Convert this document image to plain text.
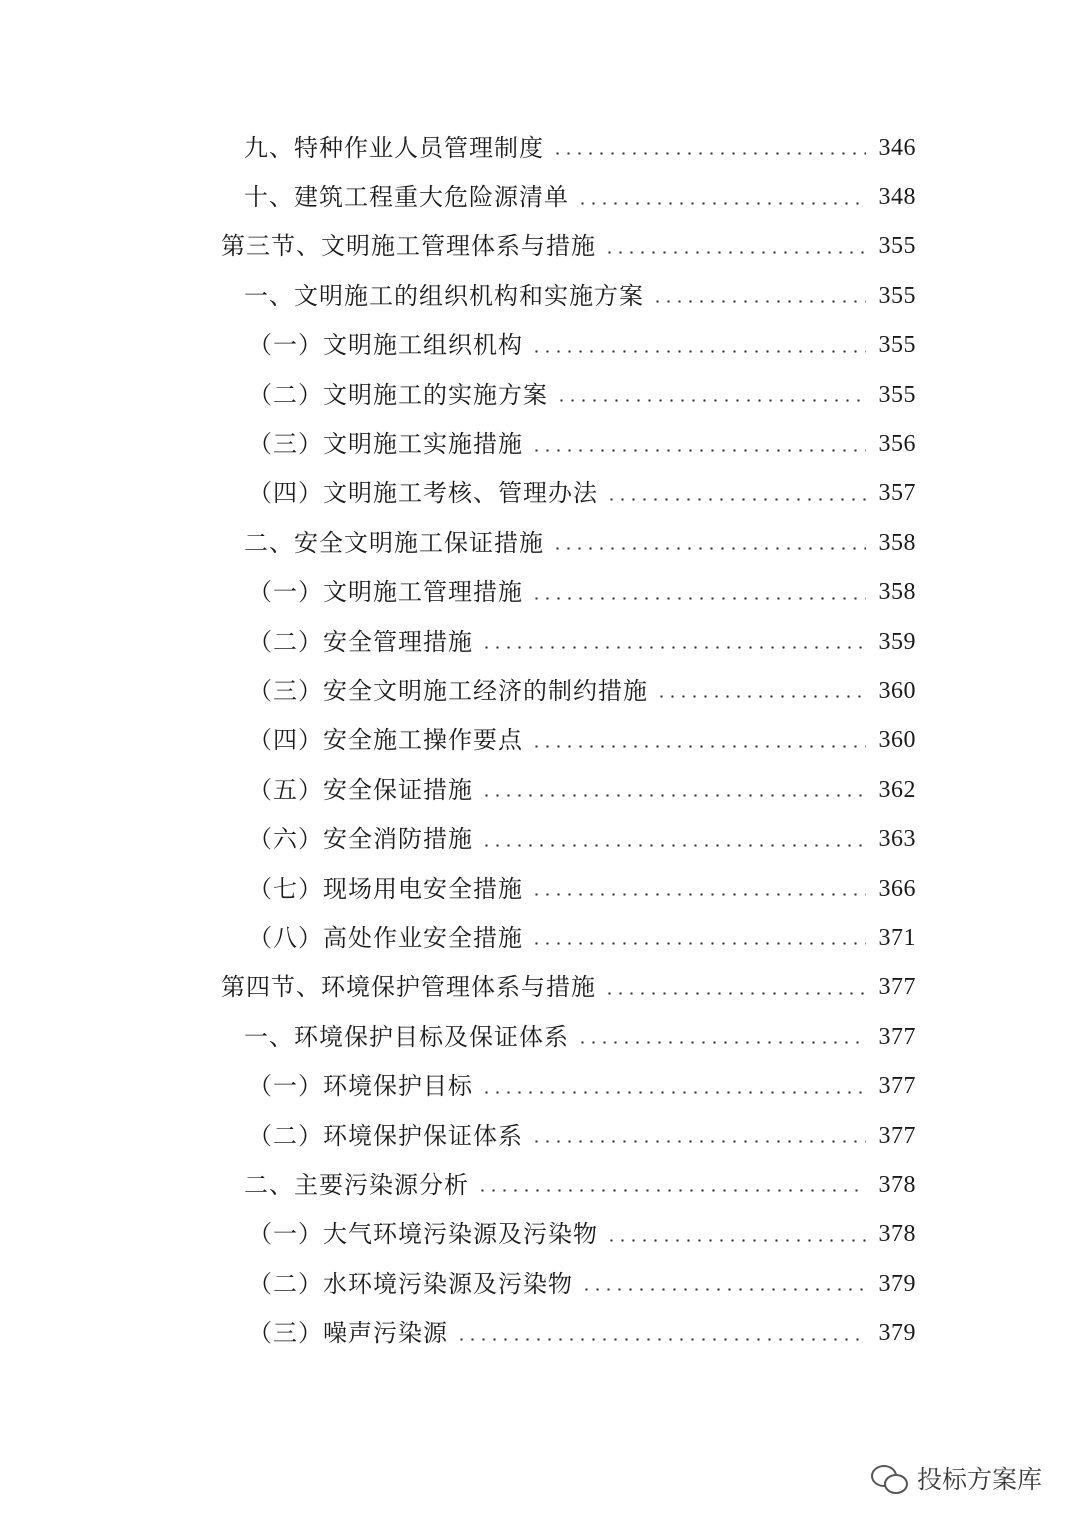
九、特种作业人员管理制度	346
十、建筑工程重大危险源清单	348
第三节、文明施工管理体系与措施	355
一、文明施工的组织机构和实施方案	355
（一）文明施工组织机构	355
（二）文明施工的实施方案	355
（三）文明施工实施措施	356
（四）文明施工考核、管理办法	357
二、安全文明施工保证措施	358
（一）文明施工管理措施	358
（二）安全管理措施	359
（三）安全文明施工经济的制约措施	360
（四）安全施工操作要点	360
（五）安全保证措施	362
（六）安全消防措施	363
（七）现场用电安全措施	366
（八）高处作业安全措施	371
第四节、环境保护管理体系与措施	377
一、环境保护目标及保证体系	377
（一）环境保护目标	377
（二）环境保护保证体系	377
二、主要污染源分析	378
（一）大气环境污染源及污染物	378
（二）水环境污染源及污染物	379
（三）噪声污染源	379
投标方案库
